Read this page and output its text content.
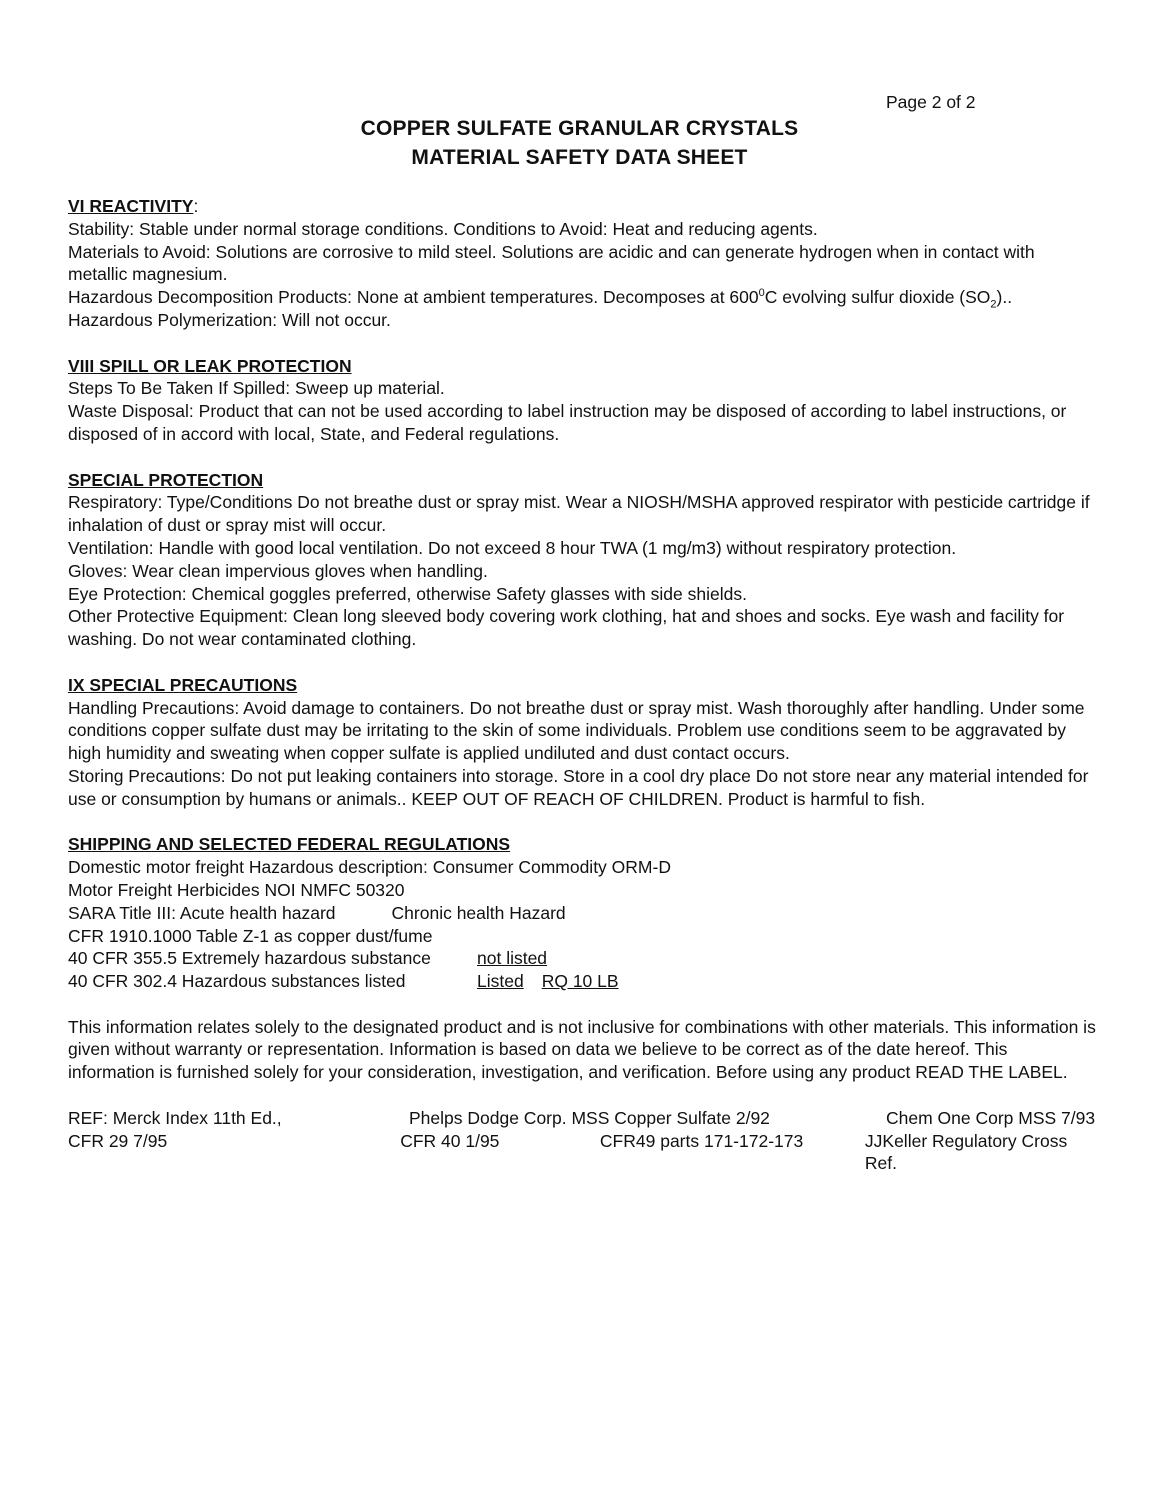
Page 2 of 2
COPPER SULFATE GRANULAR CRYSTALS
MATERIAL SAFETY DATA SHEET

VI REACTIVITY:

Stability: Stable under normal storage conditions. Conditions to Avoid: Heat and reducing agents.

Materials to Avoid: Solutions are corrosive to mild steel. Solutions are acidic and can generate hydrogen when in contact with metallic magnesium.

Hazardous Decomposition Products: None at ambient temperatures. Decomposes at $600^0C$ evolving sulfur dioxide $(SO_2)$..

Hazardous Polymerization: Will not occur.

VIII SPILL OR LEAK PROTECTION

Steps To Be Taken If Spilled: Sweep up material.

Waste Disposal: Product that can not be used according to label instruction may be disposed of according to label instructions, or disposed of in accord with local, State, and Federal regulations.

SPECIAL PROTECTION

Respiratory: Type/Conditions Do not breathe dust or spray mist. Wear a NIOSH/MSHA approved respirator with pesticide cartridge if inhalation of dust or spray mist will occur.

Ventilation: Handle with good local ventilation. Do not exceed 8 hour TWA (1 mg/m3) without respiratory protection.

Gloves: Wear clean impervious gloves when handling.

Eye Protection: Chemical goggles preferred, otherwise Safety glasses with side shields.

Other Protective Equipment: Clean long sleeved body covering work clothing, hat and shoes and socks. Eye wash and facility for washing. Do not wear contaminated clothing.

IX SPECIAL PRECAUTIONS

Handling Precautions: Avoid damage to containers. Do not breathe dust or spray mist. Wash thoroughly after handling. Under some conditions copper sulfate dust may be irritating to the skin of some individuals. Problem use conditions seem to be aggravated by high humidity and sweating when copper sulfate is applied undiluted and dust contact occurs.

Storing Precautions: Do not put leaking containers into storage. Store in a cool dry place Do not store near any material intended for use or consumption by humans or animals.. KEEP OUT OF REACH OF CHILDREN. Product is harmful to fish.

SHIPPING AND SELECTED FEDERAL REGULATIONS

Domestic motor freight Hazardous description: Consumer Commodity ORM-D

Motor Freight Herbicides NOI NMFC 50320

SARA Title III: Acute health hazard	Chronic health Hazard

CFR 1910.1000 Table Z-1 as copper dust/fume

40 CFR 355.5 Extremely hazardous substance	not listed

40 CFR 302.4 Hazardous substances listed	Listed RQ 10 LB

This information relates solely to the designated product and is not inclusive for combinations with other materials. This information is given without warranty or representation. Information is based on data we believe to be correct as of the date hereof. This information is furnished solely for your consideration, investigation, and verification. Before using any product READ THE LABEL.

REF: Merck Index 11th Ed.,	Phelps Dodge Corp. MSS Copper Sulfate 2/92	Chem One Corp MSS 7/93
CFR 29 7/95	CFR 40 1/95	CFR49 parts 171-172-173	JJKeller Regulatory Cross Ref.
